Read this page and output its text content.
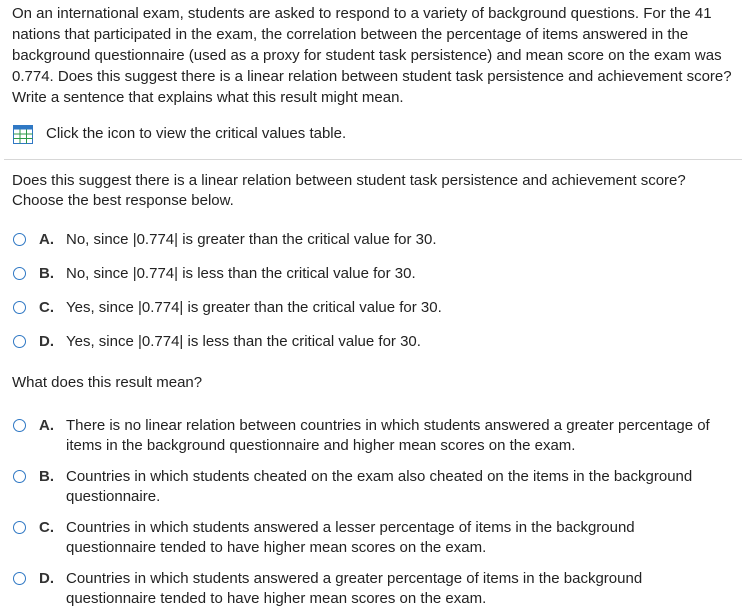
On an international exam, students are asked to respond to a variety of background questions. For the 41 nations that participated in the exam, the correlation between the percentage of items answered in the background questionnaire (used as a proxy for student task persistence) and mean score on the exam was 0.774. Does this suggest there is a linear relation between student task persistence and achievement score? Write a sentence that explains what this result might mean.
Click the icon to view the critical values table.
Does this suggest there is a linear relation between student task persistence and achievement score? Choose the best response below.
A. No, since |0.774| is greater than the critical value for 30.
B. No, since |0.774| is less than the critical value for 30.
C. Yes, since |0.774| is greater than the critical value for 30.
D. Yes, since |0.774| is less than the critical value for 30.
What does this result mean?
A. There is no linear relation between countries in which students answered a greater percentage of items in the background questionnaire and higher mean scores on the exam.
B. Countries in which students cheated on the exam also cheated on the items in the background questionnaire.
C. Countries in which students answered a lesser percentage of items in the background questionnaire tended to have higher mean scores on the exam.
D. Countries in which students answered a greater percentage of items in the background questionnaire tended to have higher mean scores on the exam.
